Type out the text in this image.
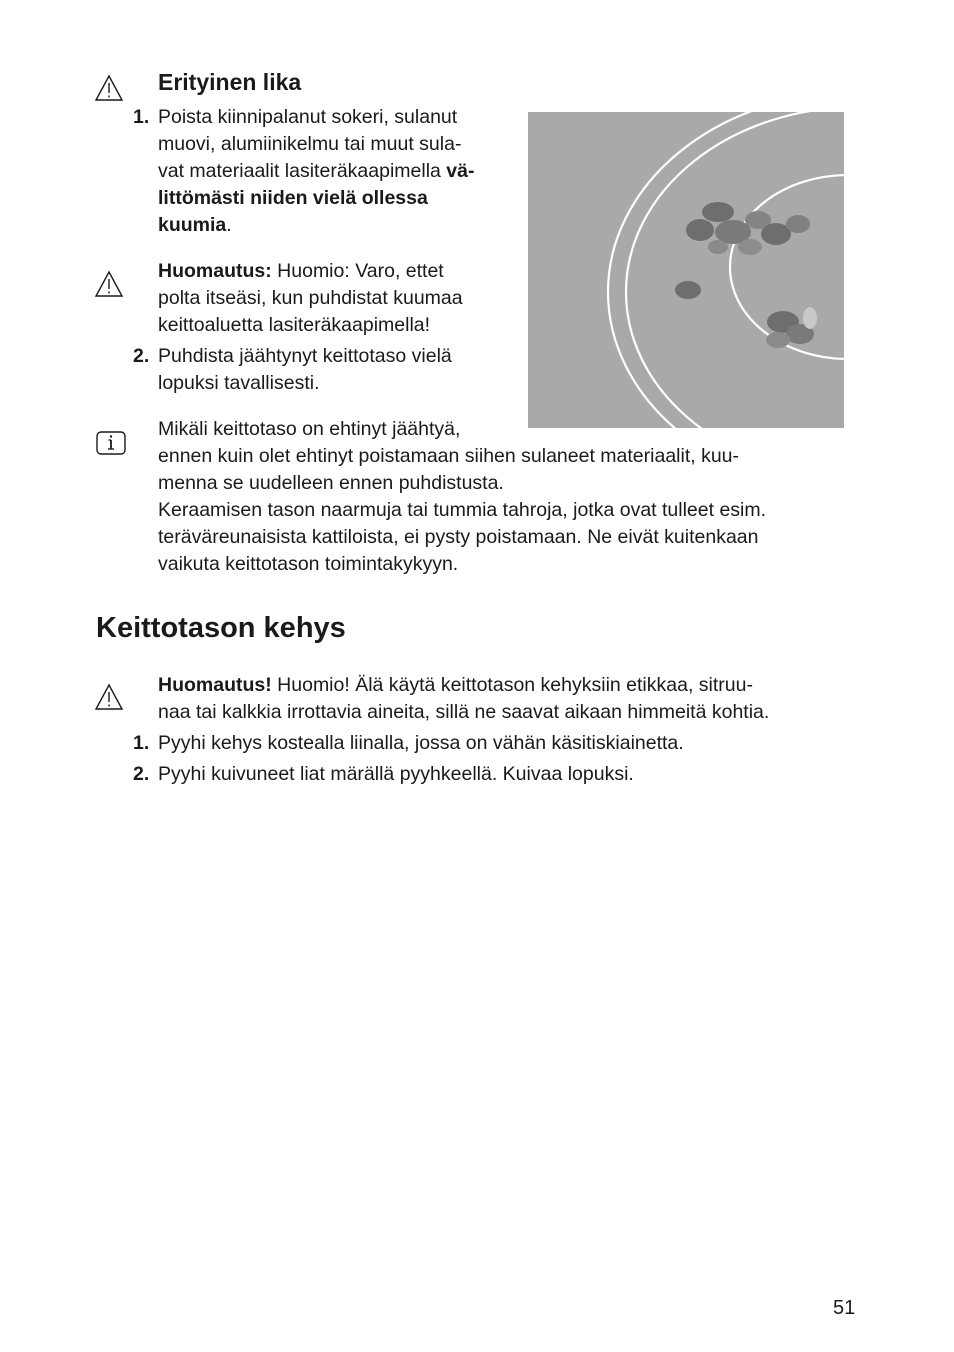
Erityinen lika
1. Poista kiinnipalanut sokeri, sulanut
muovi, alumiinikelmu tai muut sula-
vat materiaalit lasiteräkaapimella vä-
littömästi niiden vielä ollessa
kuumia.
Huomautus: Huomio: Varo, ettet
polta itseäsi, kun puhdistat kuumaa
keittoaluetta lasiteräkaapimella!
2. Puhdista jäähtynyt keittotaso vielä
lopuksi tavallisesti.
Mikäli keittotaso on ehtinyt jäähtyä,
ennen kuin olet ehtinyt poistamaan siihen sulaneet materiaalit, kuu-
menna se uudelleen ennen puhdistusta.
Keraamisen tason naarmuja tai tummia tahroja, jotka ovat tulleet esim.
teräväreunaisista kattiloista, ei pysty poistamaan. Ne eivät kuitenkaan
vaikuta keittotason toimintakykyyn.
Keittotason kehys
Huomautus! Huomio! Älä käytä keittotason kehyksiin etikkaa, sitruu-
naa tai kalkkia irrottavia aineita, sillä ne saavat aikaan himmeitä kohtia.
1. Pyyhi kehys kostealla liinalla, jossa on vähän käsitiskiainetta.
2. Pyyhi kuivuneet liat märällä pyyhkeellä. Kuivaa lopuksi.
51
